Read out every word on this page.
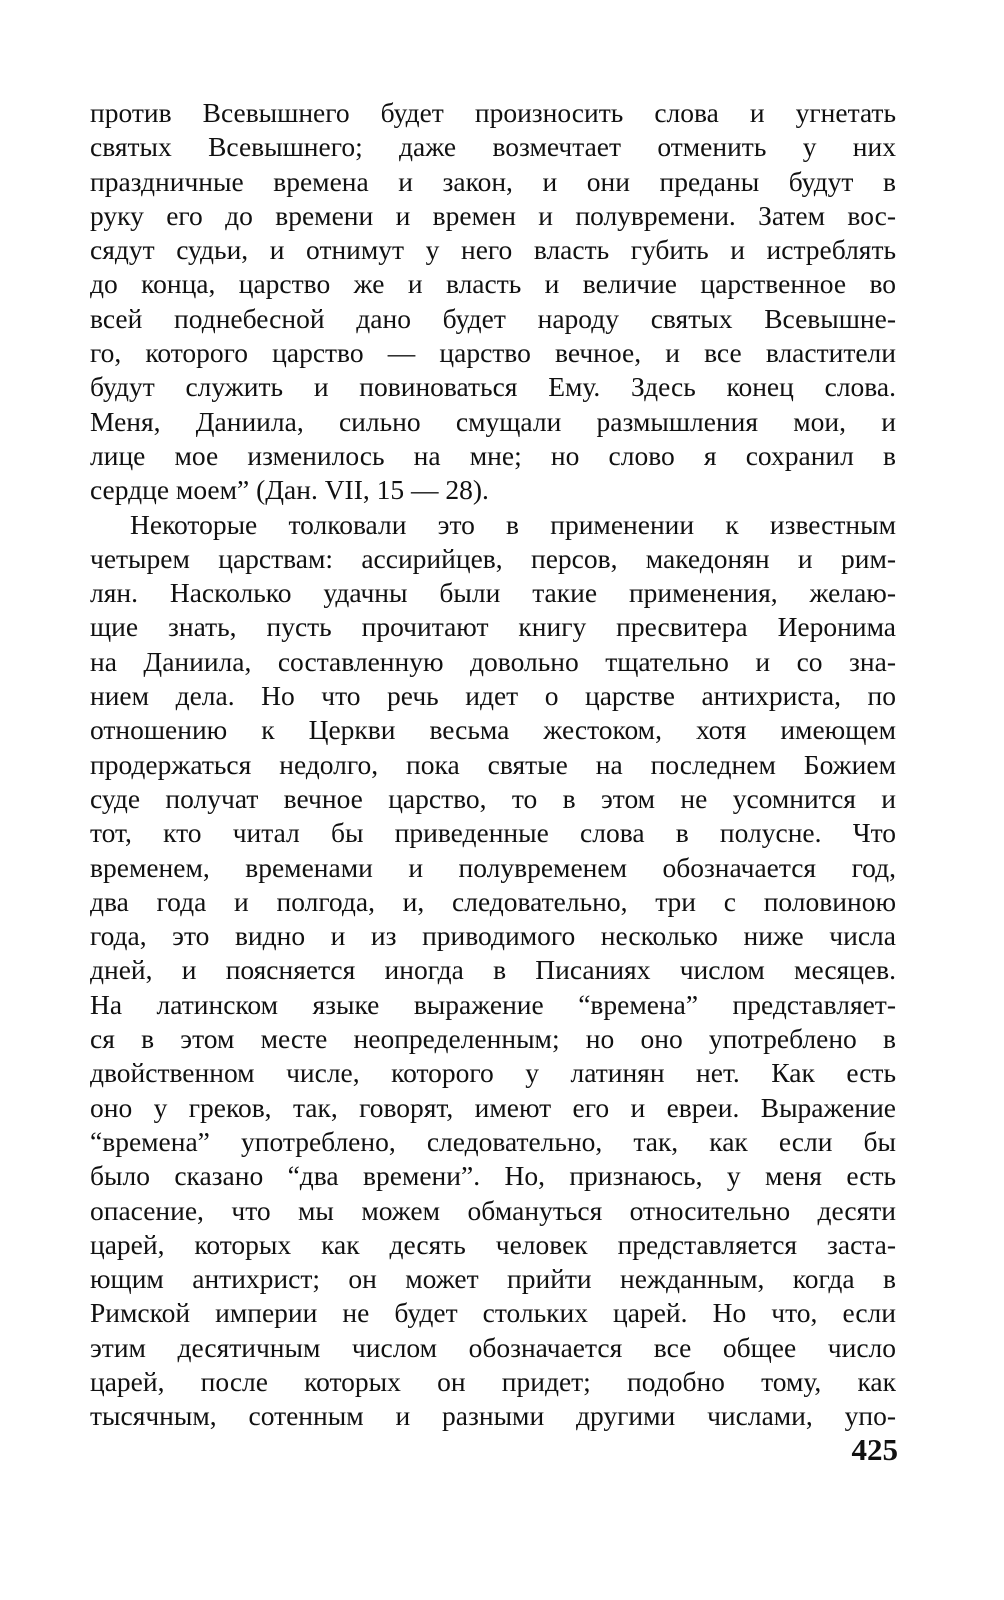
против Всевышнего будет произносить слова и угнетать
святых Всевышнего; даже возмечтает отменить у них
праздничные времена и закон, и они преданы будут в
руку его до времени и времен и полувремени. Затем вос-
сядут судьи, и отнимут у него власть губить и истреблять
до конца, царство же и власть и величие царственное во
всей поднебесной дано будет народу святых Всевышне-
го, которого царство — царство вечное, и все властители
будут служить и повиноваться Ему. Здесь конец слова.
Меня, Даниила, сильно смущали размышления мои, и
лице мое изменилось на мне; но слово я сохранил в
сердце моем” (Дан. VII, 15 — 28).
Некоторые толковали это в применении к известным
четырем царствам: ассирийцев, персов, македонян и рим-
лян. Насколько удачны были такие применения, желаю-
щие знать, пусть прочитают книгу пресвитера Иеронима
на Даниила, составленную довольно тщательно и со зна-
нием дела. Но что речь идет о царстве антихриста, по
отношению к Церкви весьма жестоком, хотя имеющем
продержаться недолго, пока святые на последнем Божием
суде получат вечное царство, то в этом не усомнится и
тот, кто читал бы приведенные слова в полусне. Что
временем, временами и полувременем обозначается год,
два года и полгода, и, следовательно, три с половиною
года, это видно и из приводимого несколько ниже числа
дней, и поясняется иногда в Писаниях числом месяцев.
На латинском языке выражение “времена” представляет-
ся в этом месте неопределенным; но оно употреблено в
двойственном числе, которого у латинян нет. Как есть
оно у греков, так, говорят, имеют его и евреи. Выражение
“времена” употреблено, следовательно, так, как если бы
было сказано “два времени”. Но, признаюсь, у меня есть
опасение, что мы можем обмануться относительно десяти
царей, которых как десять человек представляется заста-
ющим антихрист; он может прийти нежданным, когда в
Римской империи не будет стольких царей. Но что, если
этим десятичным числом обозначается все общее число
царей, после которых он придет; подобно тому, как
тысячным, сотенным и разными другими числами, упо-
425
